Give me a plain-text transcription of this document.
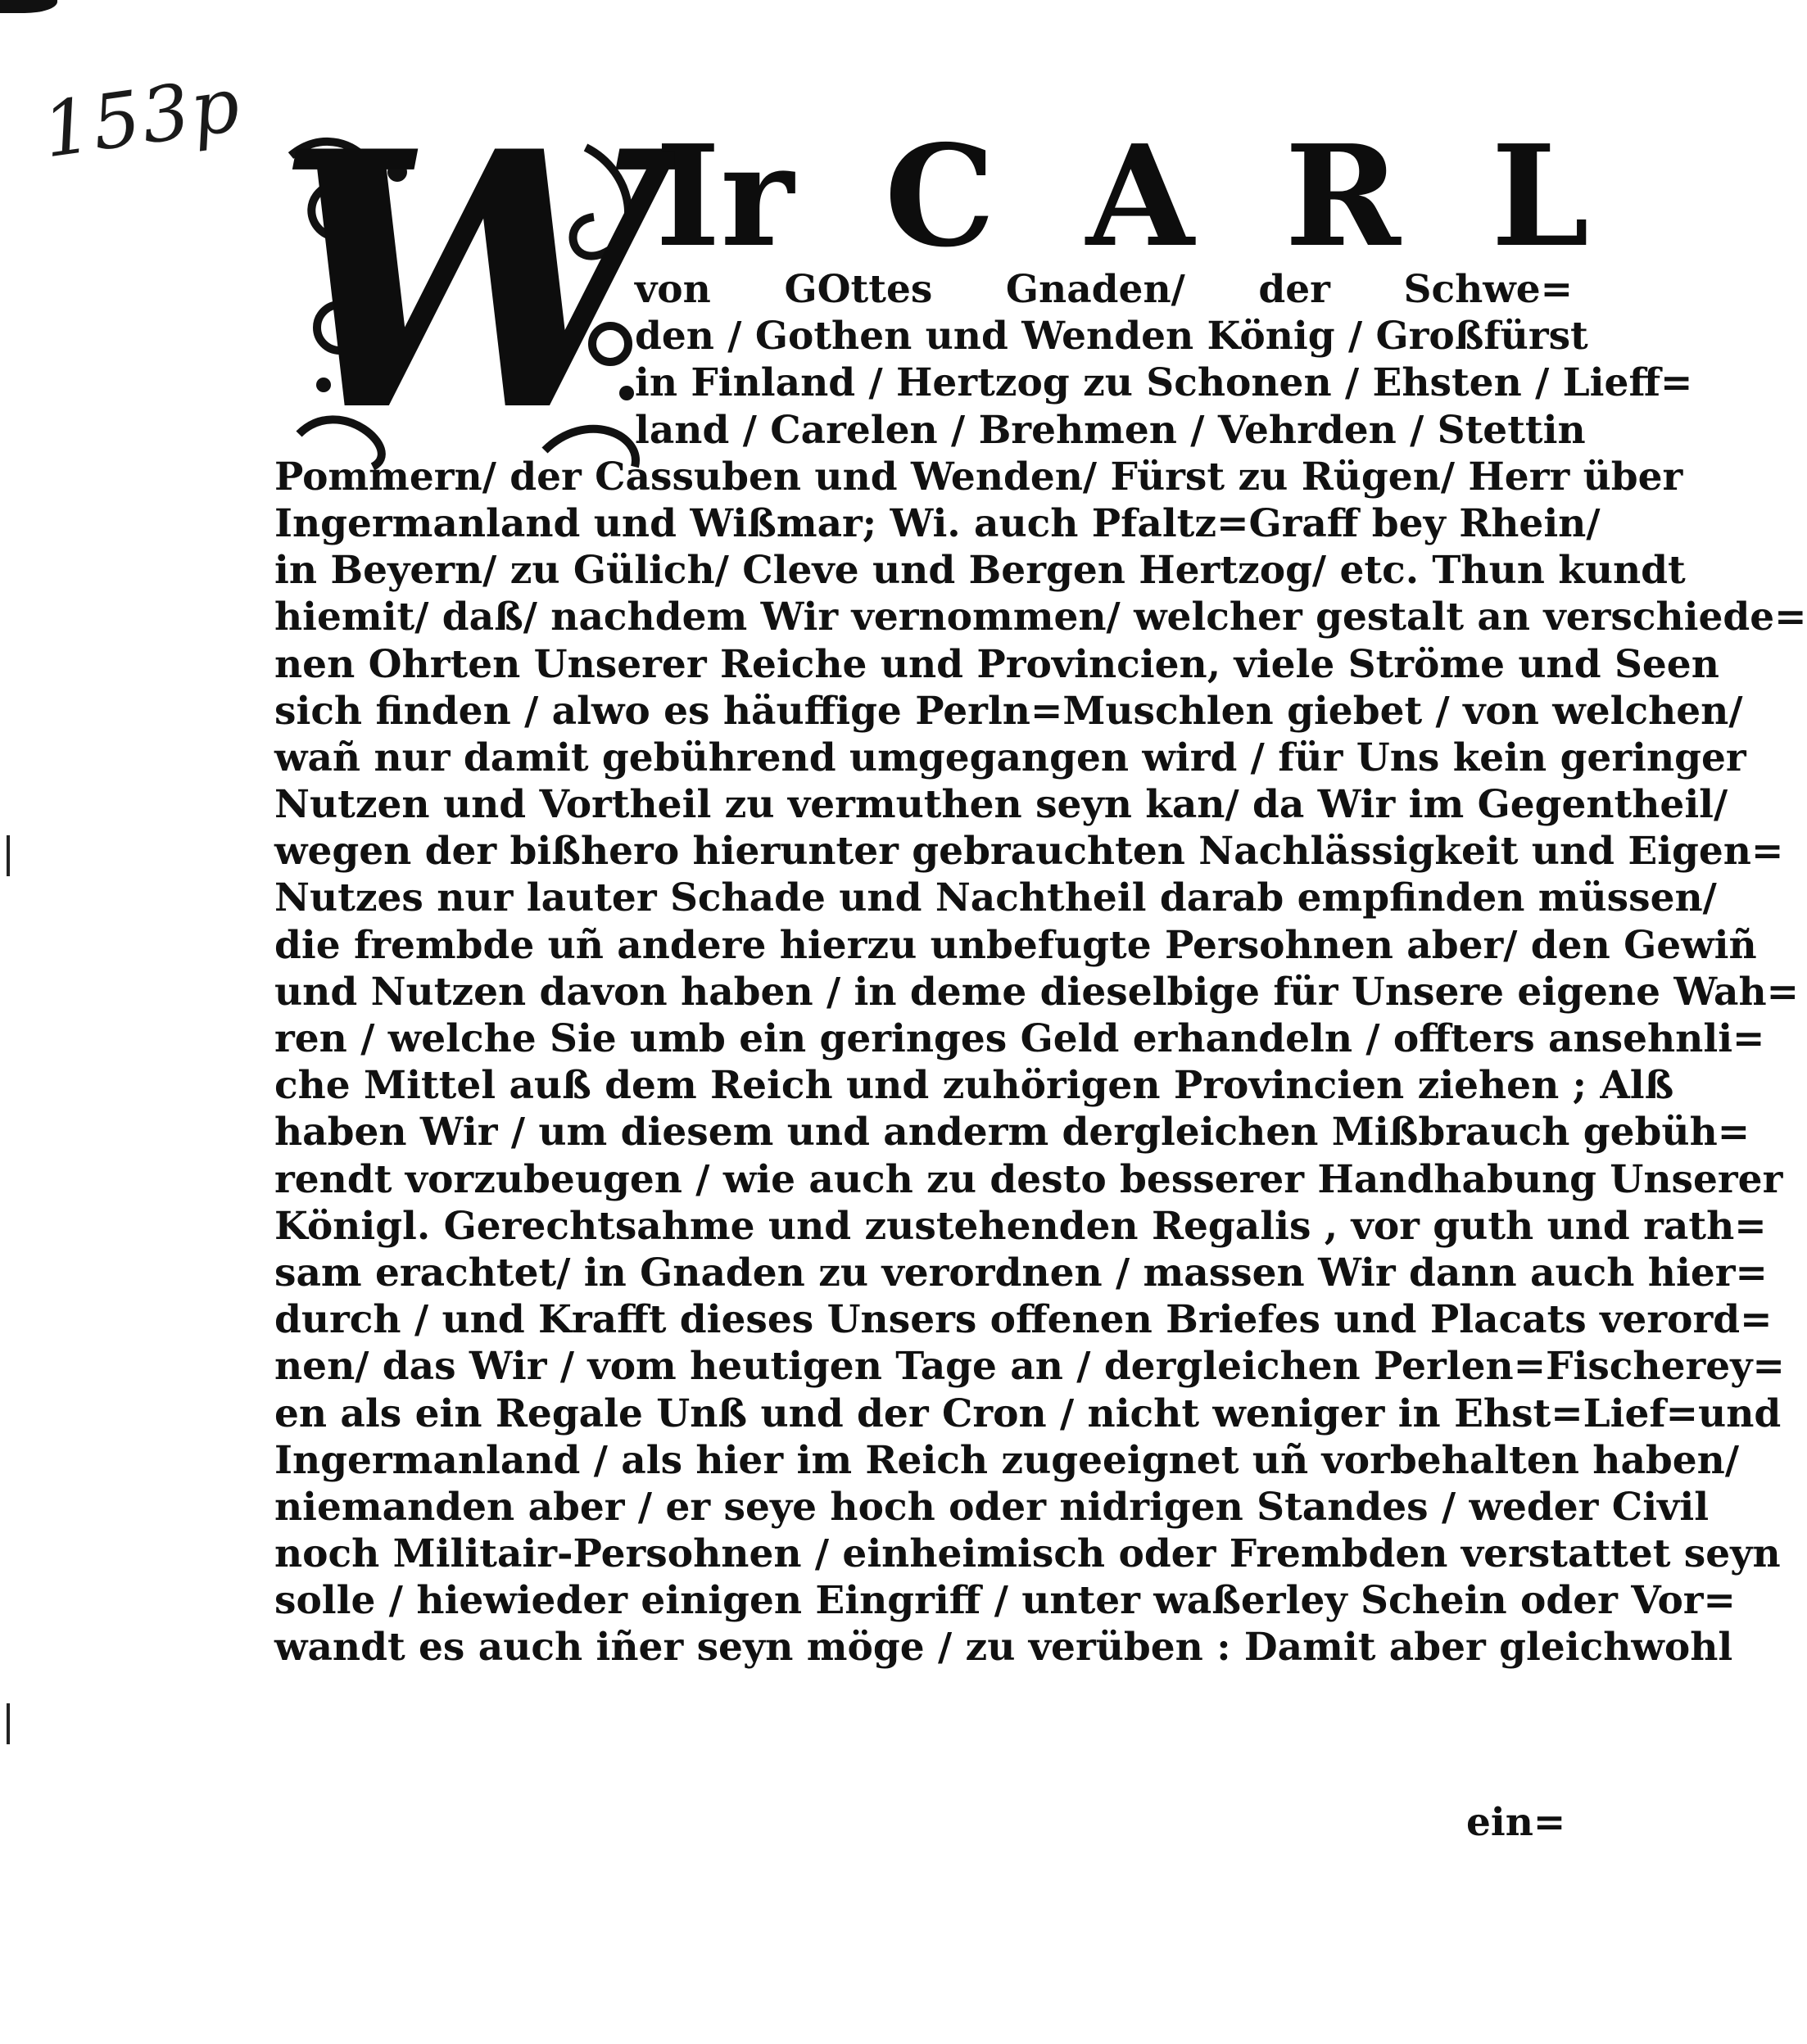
153p W
Ir C A R L
von GOttes Gnaden/ der Schwe=
den / Gothen und Wenden König / Großfürst
in Finland / Hertzog zu Schonen / Ehsten / Lieff=
land / Carelen / Brehmen / Vehrden / Stettin
Pommern/ der Cassuben und Wenden/ Fürst zu Rügen/ Herr über
Ingermanland und Wißmar; Wi. auch Pfaltz=Graff bey Rhein/
in Beyern/ zu Gülich/ Cleve und Bergen Hertzog/ etc. Thun kundt
hiemit/ daß/ nachdem Wir vernommen/ welcher gestalt an verschiede=
nen Ohrten Unserer Reiche und Provincien, viele Ströme und Seen
sich finden / alwo es häuffige Perln=Muschlen giebet / von welchen/
wañ nur damit gebührend umgegangen wird / für Uns kein geringer
Nutzen und Vortheil zu vermuthen seyn kan/ da Wir im Gegentheil/
wegen der bißhero hierunter gebrauchten Nachlässigkeit und Eigen=
Nutzes nur lauter Schade und Nachtheil darab empfinden müssen/
die frembde uñ andere hierzu unbefugte Persohnen aber/ den Gewiñ
und Nutzen davon haben / in deme dieselbige für Unsere eigene Wah=
ren / welche Sie umb ein geringes Geld erhandeln / offters ansehnli=
che Mittel auß dem Reich und zuhörigen Provincien ziehen ; Alß
haben Wir / um diesem und anderm dergleichen Mißbrauch gebüh=
rendt vorzubeugen / wie auch zu desto besserer Handhabung Unserer
Königl. Gerechtsahme und zustehenden Regalis , vor guth und rath=
sam erachtet/ in Gnaden zu verordnen / massen Wir dann auch hier=
durch / und Krafft dieses Unsers offenen Briefes und Placats verord=
nen/ das Wir / vom heutigen Tage an / dergleichen Perlen=Fischerey=
en als ein Regale Unß und der Cron / nicht weniger in Ehst=Lief=und
Ingermanland / als hier im Reich zugeeignet uñ vorbehalten haben/
niemanden aber / er seye hoch oder nidrigen Standes / weder Civil
noch Militair-Persohnen / einheimisch oder Frembden verstattet seyn
solle / hiewieder einigen Eingriff / unter waßerley Schein oder Vor=
wandt es auch iñer seyn möge / zu verüben : Damit aber gleichwohl
ein=
